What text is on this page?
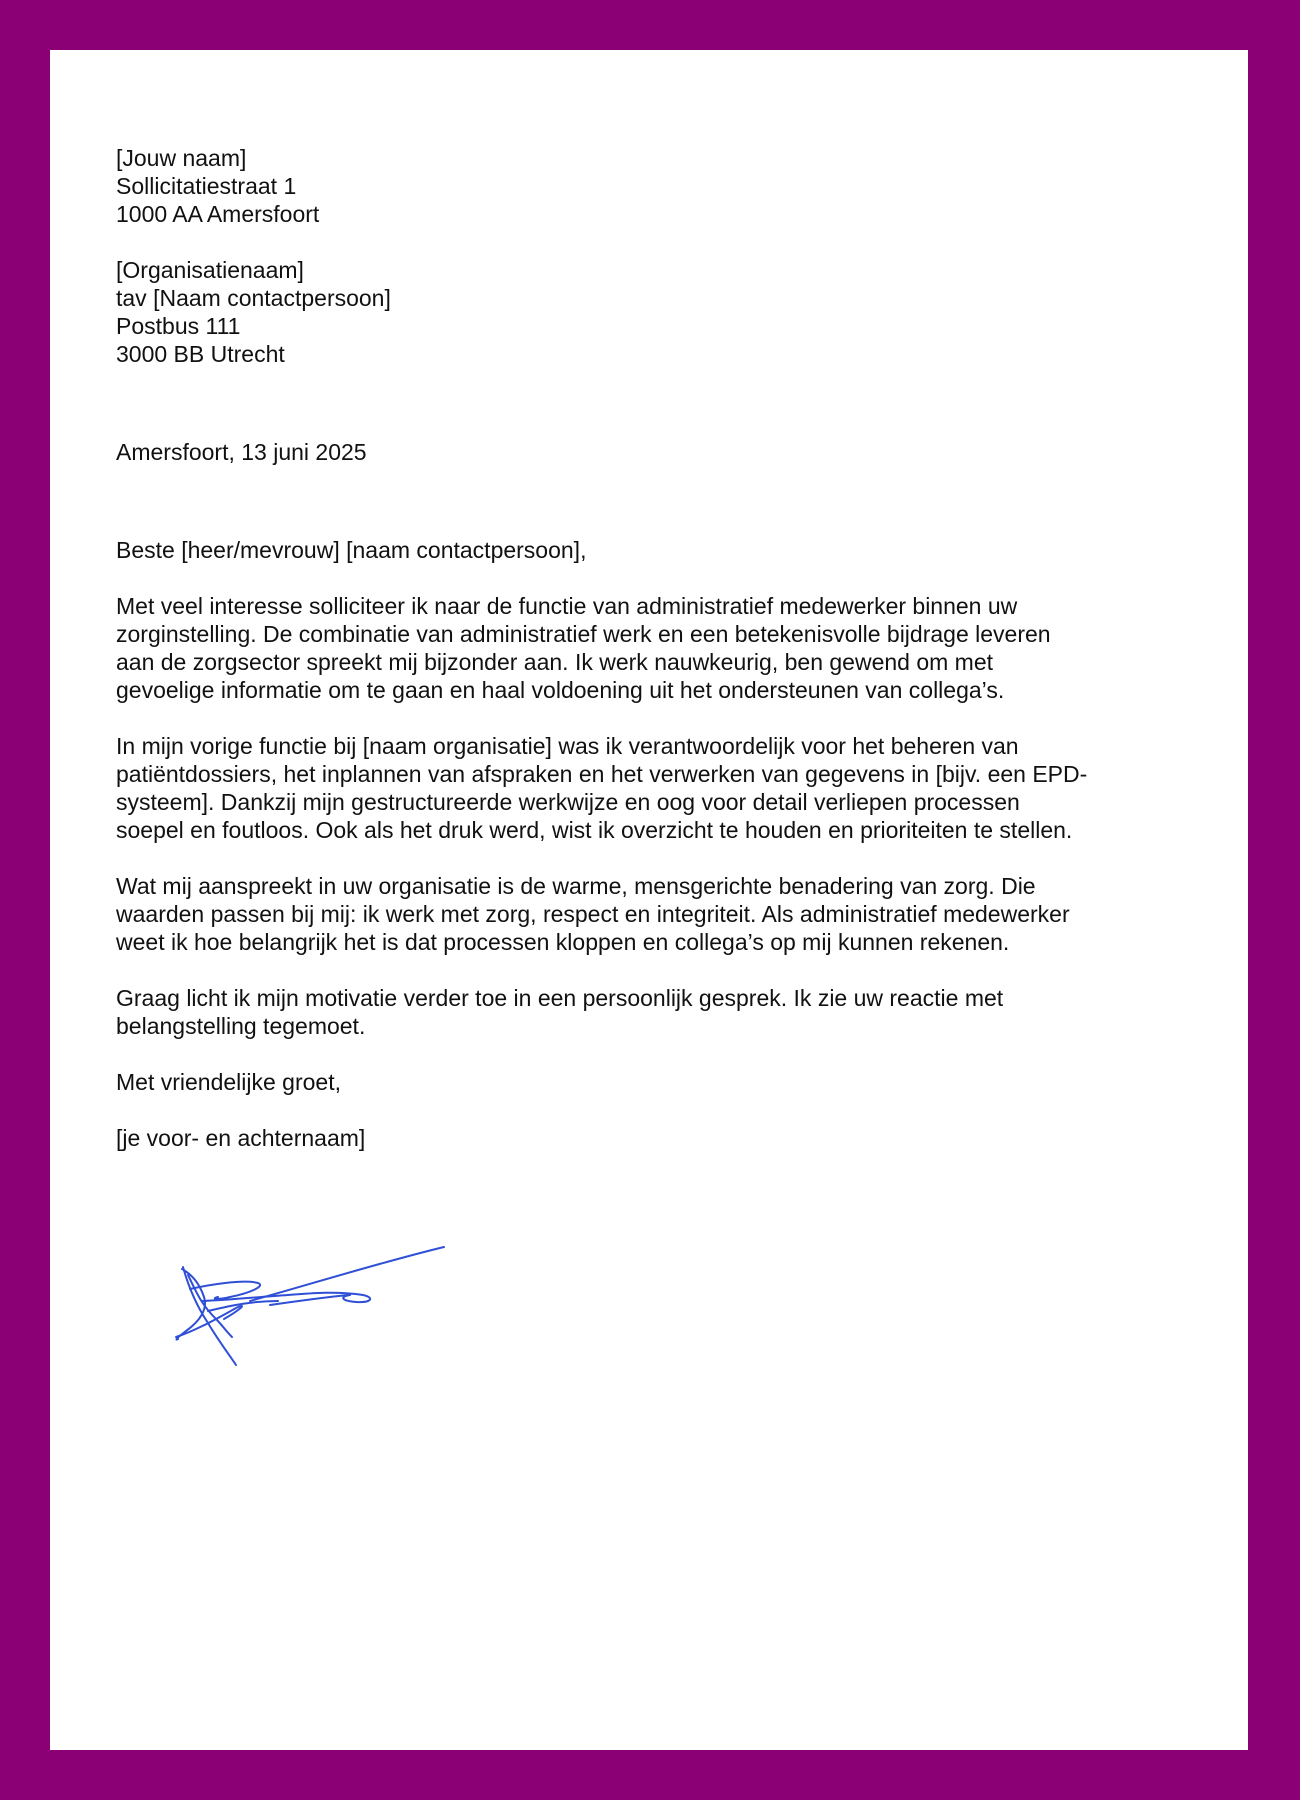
[Jouw naam]
Sollicitatiestraat 1
1000 AA Amersfoort
[Organisatienaam]
tav [Naam contactpersoon]
Postbus 111
3000 BB Utrecht
Amersfoort, 13 juni 2025
Beste [heer/mevrouw] [naam contactpersoon],
Met veel interesse solliciteer ik naar de functie van administratief medewerker binnen uw
zorginstelling. De combinatie van administratief werk en een betekenisvolle bijdrage leveren
aan de zorgsector spreekt mij bijzonder aan. Ik werk nauwkeurig, ben gewend om met
gevoelige informatie om te gaan en haal voldoening uit het ondersteunen van collega’s.
In mijn vorige functie bij [naam organisatie] was ik verantwoordelijk voor het beheren van
patiëntdossiers, het inplannen van afspraken en het verwerken van gegevens in [bijv. een EPD-
systeem]. Dankzij mijn gestructureerde werkwijze en oog voor detail verliepen processen
soepel en foutloos. Ook als het druk werd, wist ik overzicht te houden en prioriteiten te stellen.
Wat mij aanspreekt in uw organisatie is de warme, mensgerichte benadering van zorg. Die
waarden passen bij mij: ik werk met zorg, respect en integriteit. Als administratief medewerker
weet ik hoe belangrijk het is dat processen kloppen en collega’s op mij kunnen rekenen.
Graag licht ik mijn motivatie verder toe in een persoonlijk gesprek. Ik zie uw reactie met
belangstelling tegemoet.
Met vriendelijke groet,
[je voor- en achternaam]
